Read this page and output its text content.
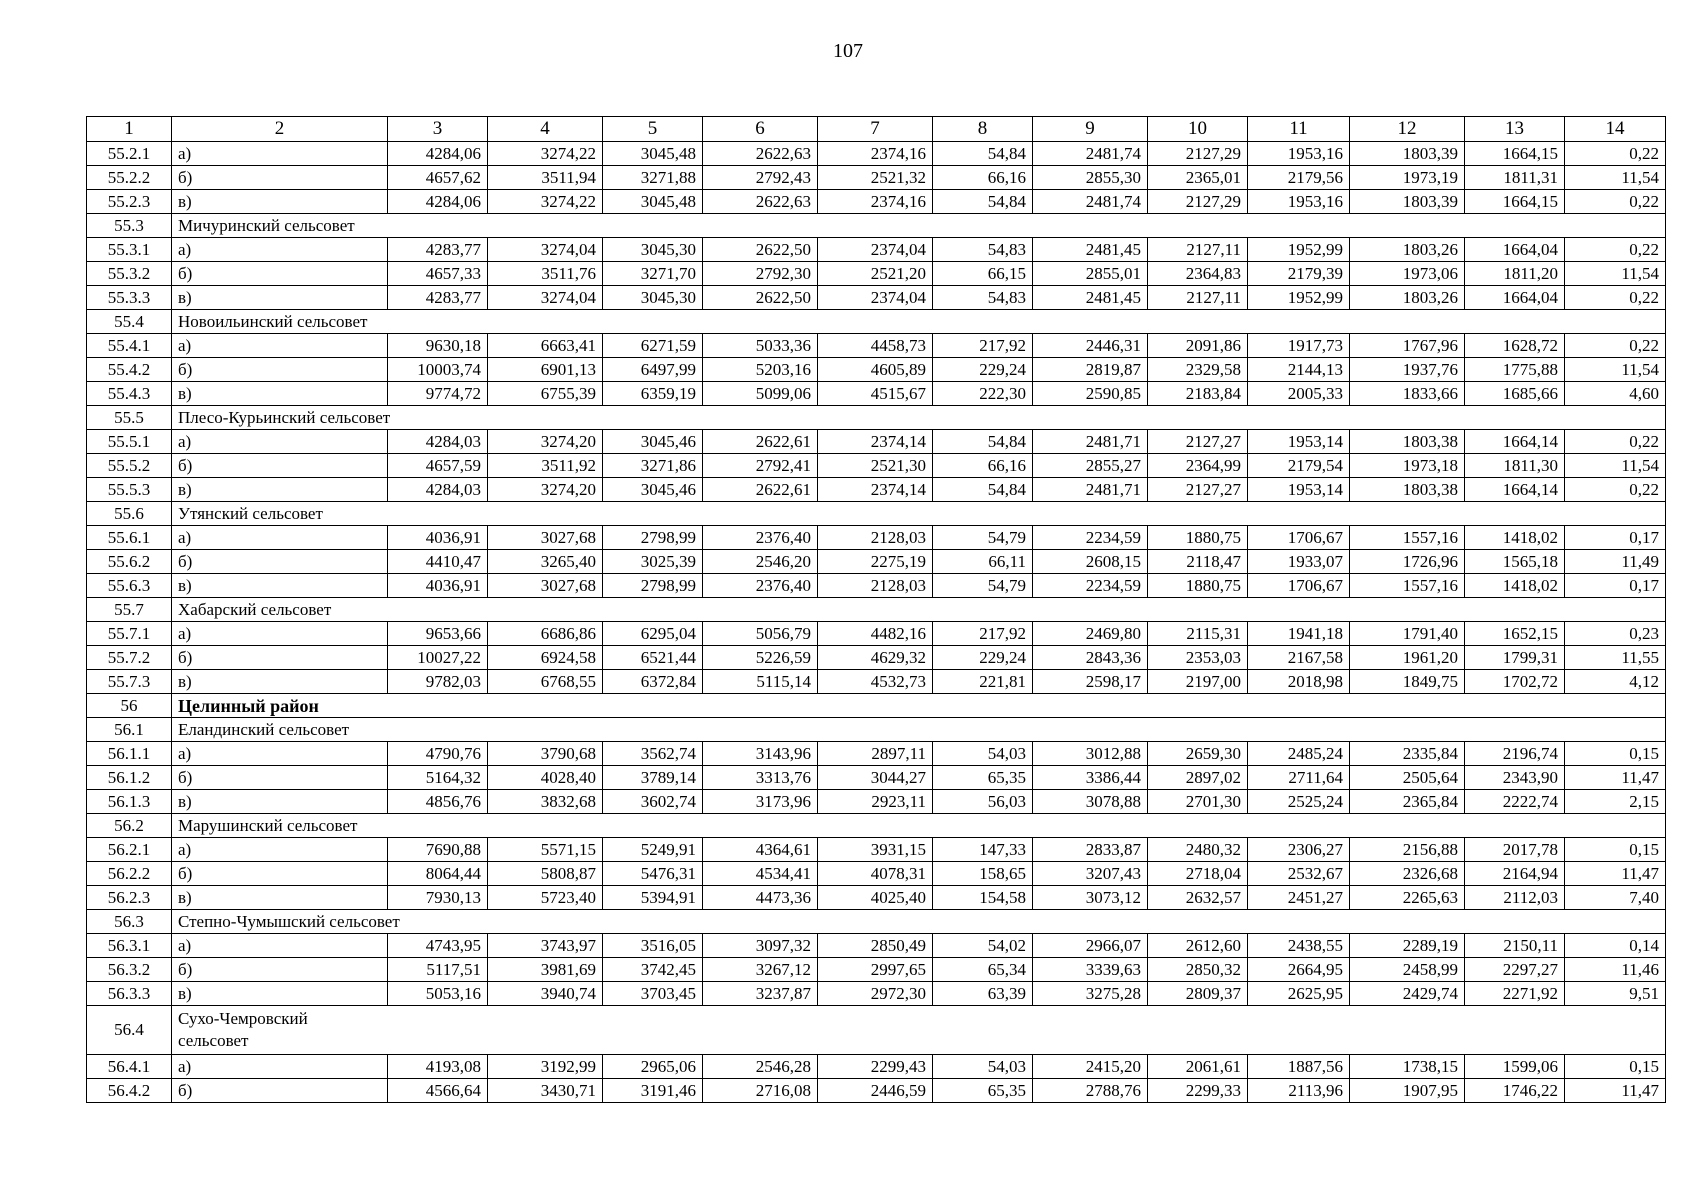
107
1	2	3	4	5	6	7	8	9	10	11	12	13	14
55.2.1	а)	4284,06	3274,22	3045,48	2622,63	2374,16	54,84	2481,74	2127,29	1953,16	1803,39	1664,15	0,22
55.2.2	б)	4657,62	3511,94	3271,88	2792,43	2521,32	66,16	2855,30	2365,01	2179,56	1973,19	1811,31	11,54
55.2.3	в)	4284,06	3274,22	3045,48	2622,63	2374,16	54,84	2481,74	2127,29	1953,16	1803,39	1664,15	0,22
55.3	Мичуринский сельсовет												
55.3.1	а)	4283,77	3274,04	3045,30	2622,50	2374,04	54,83	2481,45	2127,11	1952,99	1803,26	1664,04	0,22
55.3.2	б)	4657,33	3511,76	3271,70	2792,30	2521,20	66,15	2855,01	2364,83	2179,39	1973,06	1811,20	11,54
55.3.3	в)	4283,77	3274,04	3045,30	2622,50	2374,04	54,83	2481,45	2127,11	1952,99	1803,26	1664,04	0,22
55.4	Новоильинский сельсовет												
55.4.1	а)	9630,18	6663,41	6271,59	5033,36	4458,73	217,92	2446,31	2091,86	1917,73	1767,96	1628,72	0,22
55.4.2	б)	10003,74	6901,13	6497,99	5203,16	4605,89	229,24	2819,87	2329,58	2144,13	1937,76	1775,88	11,54
55.4.3	в)	9774,72	6755,39	6359,19	5099,06	4515,67	222,30	2590,85	2183,84	2005,33	1833,66	1685,66	4,60
55.5	Плесо-Курьинский сельсовет												
55.5.1	а)	4284,03	3274,20	3045,46	2622,61	2374,14	54,84	2481,71	2127,27	1953,14	1803,38	1664,14	0,22
55.5.2	б)	4657,59	3511,92	3271,86	2792,41	2521,30	66,16	2855,27	2364,99	2179,54	1973,18	1811,30	11,54
55.5.3	в)	4284,03	3274,20	3045,46	2622,61	2374,14	54,84	2481,71	2127,27	1953,14	1803,38	1664,14	0,22
55.6	Утянский сельсовет												
55.6.1	а)	4036,91	3027,68	2798,99	2376,40	2128,03	54,79	2234,59	1880,75	1706,67	1557,16	1418,02	0,17
55.6.2	б)	4410,47	3265,40	3025,39	2546,20	2275,19	66,11	2608,15	2118,47	1933,07	1726,96	1565,18	11,49
55.6.3	в)	4036,91	3027,68	2798,99	2376,40	2128,03	54,79	2234,59	1880,75	1706,67	1557,16	1418,02	0,17
55.7	Хабарский сельсовет												
55.7.1	а)	9653,66	6686,86	6295,04	5056,79	4482,16	217,92	2469,80	2115,31	1941,18	1791,40	1652,15	0,23
55.7.2	б)	10027,22	6924,58	6521,44	5226,59	4629,32	229,24	2843,36	2353,03	2167,58	1961,20	1799,31	11,55
55.7.3	в)	9782,03	6768,55	6372,84	5115,14	4532,73	221,81	2598,17	2197,00	2018,98	1849,75	1702,72	4,12
56	Целинный район												
56.1	Еландинский сельсовет												
56.1.1	а)	4790,76	3790,68	3562,74	3143,96	2897,11	54,03	3012,88	2659,30	2485,24	2335,84	2196,74	0,15
56.1.2	б)	5164,32	4028,40	3789,14	3313,76	3044,27	65,35	3386,44	2897,02	2711,64	2505,64	2343,90	11,47
56.1.3	в)	4856,76	3832,68	3602,74	3173,96	2923,11	56,03	3078,88	2701,30	2525,24	2365,84	2222,74	2,15
56.2	Марушинский сельсовет												
56.2.1	а)	7690,88	5571,15	5249,91	4364,61	3931,15	147,33	2833,87	2480,32	2306,27	2156,88	2017,78	0,15
56.2.2	б)	8064,44	5808,87	5476,31	4534,41	4078,31	158,65	3207,43	2718,04	2532,67	2326,68	2164,94	11,47
56.2.3	в)	7930,13	5723,40	5394,91	4473,36	4025,40	154,58	3073,12	2632,57	2451,27	2265,63	2112,03	7,40
56.3	Степно-Чумышский сельсовет												
56.3.1	а)	4743,95	3743,97	3516,05	3097,32	2850,49	54,02	2966,07	2612,60	2438,55	2289,19	2150,11	0,14
56.3.2	б)	5117,51	3981,69	3742,45	3267,12	2997,65	65,34	3339,63	2850,32	2664,95	2458,99	2297,27	11,46
56.3.3	в)	5053,16	3940,74	3703,45	3237,87	2972,30	63,39	3275,28	2809,37	2625,95	2429,74	2271,92	9,51
56.4	Сухо-Чемровский сельсовет												
56.4.1	а)	4193,08	3192,99	2965,06	2546,28	2299,43	54,03	2415,20	2061,61	1887,56	1738,15	1599,06	0,15
56.4.2	б)	4566,64	3430,71	3191,46	2716,08	2446,59	65,35	2788,76	2299,33	2113,96	1907,95	1746,22	11,47
